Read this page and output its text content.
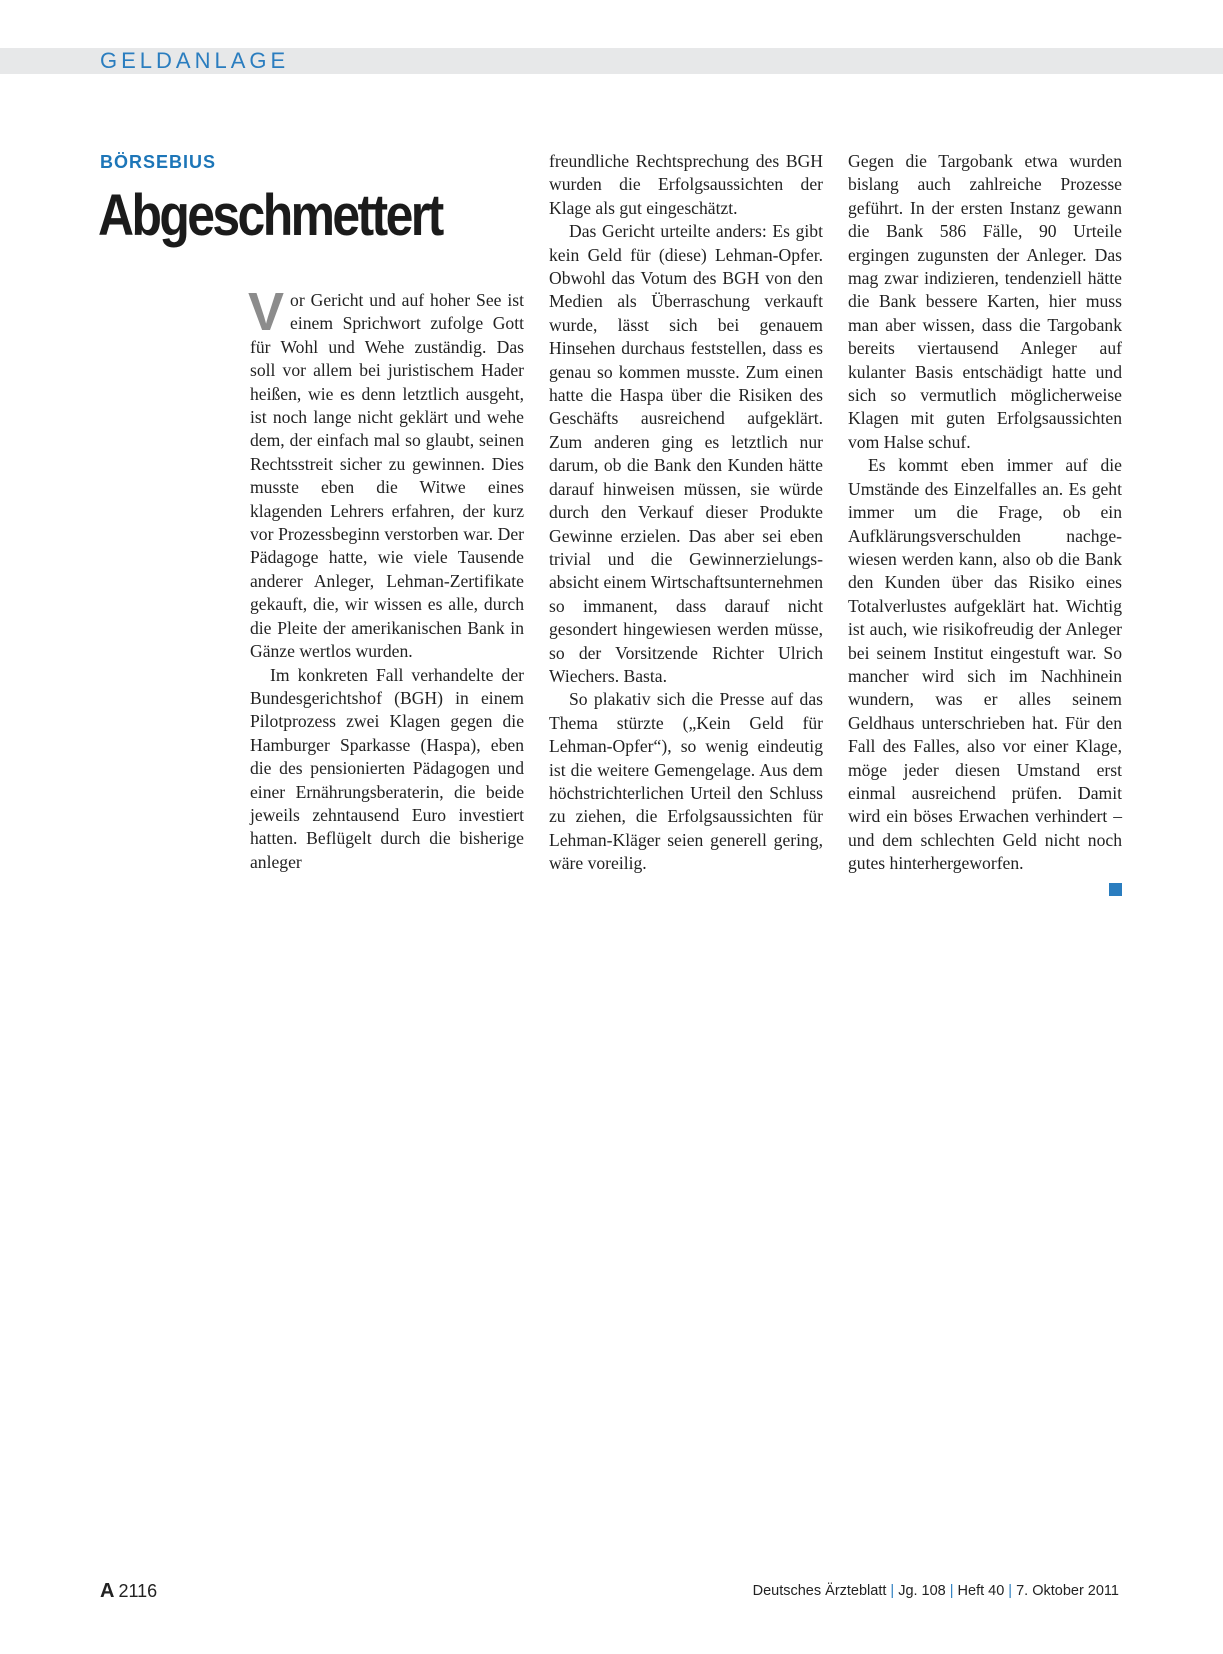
GELDANLAGE
BÖRSEBIUS
Abgeschmettert

Vor Gericht und auf hoher See ist einem Sprichwort zufolge Gott für Wohl und Wehe zuständig. Das soll vor allem bei juristischem Hader heißen, wie es denn letztlich ausgeht, ist noch lange nicht geklärt und wehe dem, der einfach mal so glaubt, seinen Rechtsstreit sicher zu gewinnen. Dies musste eben die Witwe eines klagenden Lehrers erfahren, der kurz vor Prozessbeginn verstorben war. Der Pädagoge hatte, wie viele Tausende anderer Anleger, Lehman-Zertifikate gekauft, die, wir wissen es alle, durch die Pleite der amerikanischen Bank in Gänze wertlos wurden.

Im konkreten Fall verhandelte der Bundesgerichtshof (BGH) in einem Pilotprozess zwei Klagen gegen die Hamburger Sparkasse (Haspa), eben die des pensionierten Pädagogen und einer Ernährungsberaterin, die beide jeweils zehntausend Euro investiert hatten. Beflügelt durch die bisherige anleger

freundliche Rechtsprechung des BGH wurden die Erfolgsaussichten der Klage als gut eingeschätzt.

Das Gericht urteilte anders: Es gibt kein Geld für (diese) Lehman-Opfer. Obwohl das Votum des BGH von den Medien als Überraschung verkauft wurde, lässt sich bei genauem Hinsehen durchaus feststellen, dass es genau so kommen musste. Zum einen hatte die Haspa über die Risiken des Geschäfts ausreichend aufgeklärt. Zum anderen ging es letztlich nur darum, ob die Bank den Kunden hätte darauf hinweisen müssen, sie würde durch den Verkauf dieser Produkte Gewinne erzielen. Das aber sei eben trivial und die Gewinnerzielungsabsicht einem Wirtschaftsunternehmen so immanent, dass darauf nicht gesondert hingewiesen werden müsse, so der Vorsitzende Richter Ulrich Wiechers. Basta.

So plakativ sich die Presse auf das Thema stürzte („Kein Geld für Lehman-Opfer“), so wenig eindeutig ist die weitere Gemengelage. Aus dem höchstrichterlichen Urteil den Schluss zu ziehen, die Erfolgsaussichten für Lehman-Kläger seien generell gering, wäre voreilig.

Gegen die Targobank etwa wurden bislang auch zahlreiche Prozesse geführt. In der ersten Instanz gewann die Bank 586 Fälle, 90 Urteile ergingen zugunsten der Anleger. Das mag zwar indizieren, tendenziell hätte die Bank bessere Karten, hier muss man aber wissen, dass die Targobank bereits viertausend Anleger auf kulanter Basis entschädigt hatte und sich so vermutlich möglicherweise Klagen mit guten Erfolgsaussichten vom Halse schuf.

Es kommt eben immer auf die Umstände des Einzelfalles an. Es geht immer um die Frage, ob ein Aufklärungsverschulden nachgewiesen werden kann, also ob die Bank den Kunden über das Risiko eines Totalverlustes aufgeklärt hat. Wichtig ist auch, wie risikofreudig der Anleger bei seinem Institut eingestuft war. So mancher wird sich im Nachhinein wundern, was er alles seinem Geldhaus unterschrieben hat. Für den Fall des Falles, also vor einer Klage, möge jeder diesen Umstand erst einmal ausreichend prüfen. Damit wird ein böses Erwachen verhindert – und dem schlechten Geld nicht noch gutes hinterhergeworfen.

A 2116	Deutsches Ärzteblatt | Jg. 108 | Heft 40 | 7. Oktober 2011
